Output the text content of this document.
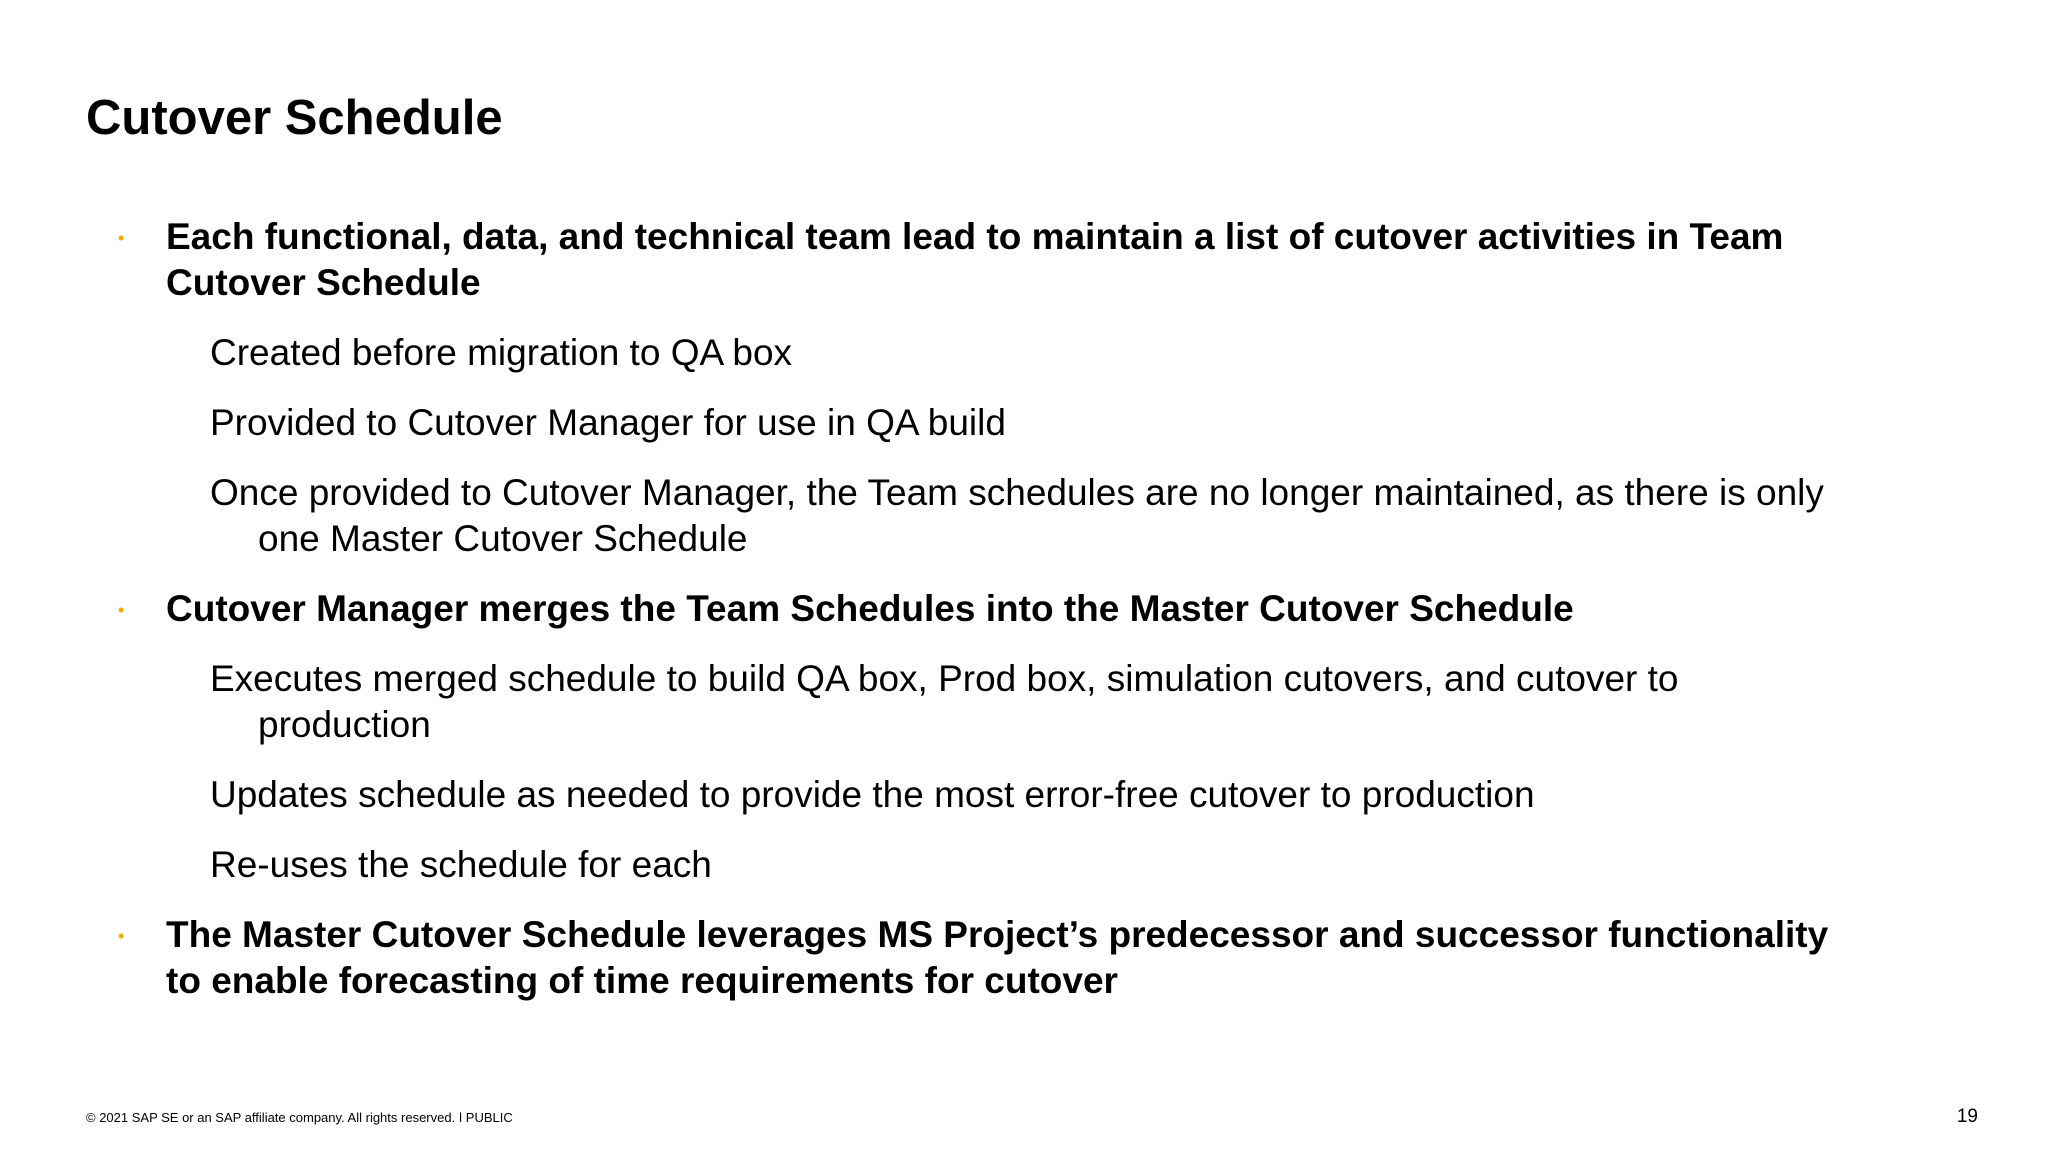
Cutover Schedule
• Each functional, data, and technical team lead to maintain a list of cutover activities in Team
Cutover Schedule

Created before migration to QA box

Provided to Cutover Manager for use in QA build

Once provided to Cutover Manager, the Team schedules are no longer maintained, as there is only
one Master Cutover Schedule

• Cutover Manager merges the Team Schedules into the Master Cutover Schedule

Executes merged schedule to build QA box, Prod box, simulation cutovers, and cutover to
production

Updates schedule as needed to provide the most error-free cutover to production

Re-uses the schedule for each

• The Master Cutover Schedule leverages MS Project’s predecessor and successor functionality
to enable forecasting of time requirements for cutover

© 2021 SAP SE or an SAP affiliate company. All rights reserved. ǀ PUBLIC	19
